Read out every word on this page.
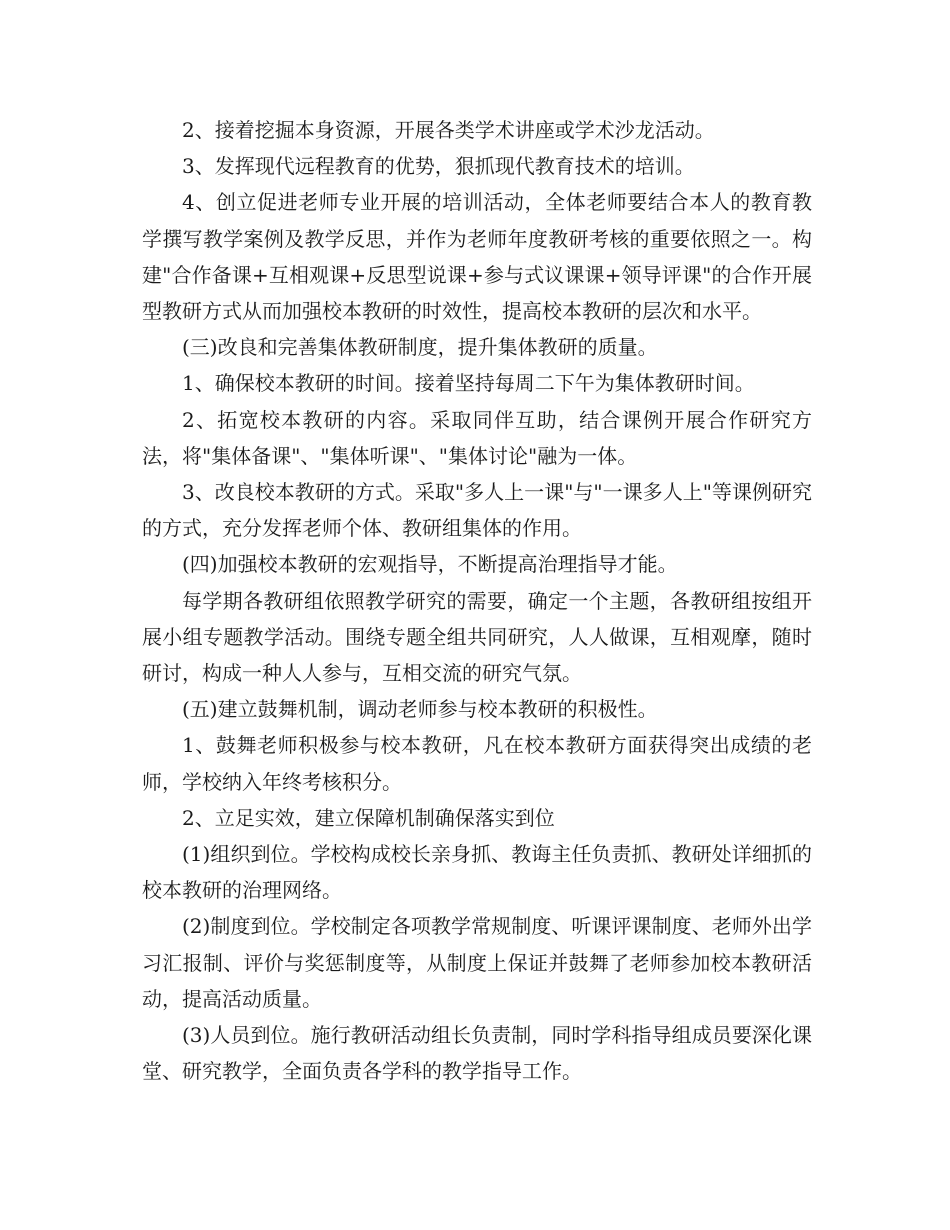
2、接着挖掘本身资源，开展各类学术讲座或学术沙龙活动。

3、发挥现代远程教育的优势，狠抓现代教育技术的培训。

4、创立促进老师专业开展的培训活动，全体老师要结合本人的教育教学撰写教学案例及教学反思，并作为老师年度教研考核的重要依照之一。构建"合作备课+互相观课+反思型说课+参与式议课课+领导评课"的合作开展型教研方式从而加强校本教研的时效性，提高校本教研的层次和水平。

(三)改良和完善集体教研制度，提升集体教研的质量。

1、确保校本教研的时间。接着坚持每周二下午为集体教研时间。

2、拓宽校本教研的内容。采取同伴互助，结合课例开展合作研究方法，将"集体备课"、"集体听课"、"集体讨论"融为一体。

3、改良校本教研的方式。采取"多人上一课"与"一课多人上"等课例研究的方式，充分发挥老师个体、教研组集体的作用。

(四)加强校本教研的宏观指导，不断提高治理指导才能。

每学期各教研组依照教学研究的需要，确定一个主题，各教研组按组开展小组专题教学活动。围绕专题全组共同研究，人人做课，互相观摩，随时研讨，构成一种人人参与，互相交流的研究气氛。

(五)建立鼓舞机制，调动老师参与校本教研的积极性。

1、鼓舞老师积极参与校本教研，凡在校本教研方面获得突出成绩的老师，学校纳入年终考核积分。

2、立足实效，建立保障机制确保落实到位

(1)组织到位。学校构成校长亲身抓、教诲主任负责抓、教研处详细抓的校本教研的治理网络。

(2)制度到位。学校制定各项教学常规制度、听课评课制度、老师外出学习汇报制、评价与奖惩制度等，从制度上保证并鼓舞了老师参加校本教研活动，提高活动质量。

(3)人员到位。施行教研活动组长负责制，同时学科指导组成员要深化课堂、研究教学，全面负责各学科的教学指导工作。
